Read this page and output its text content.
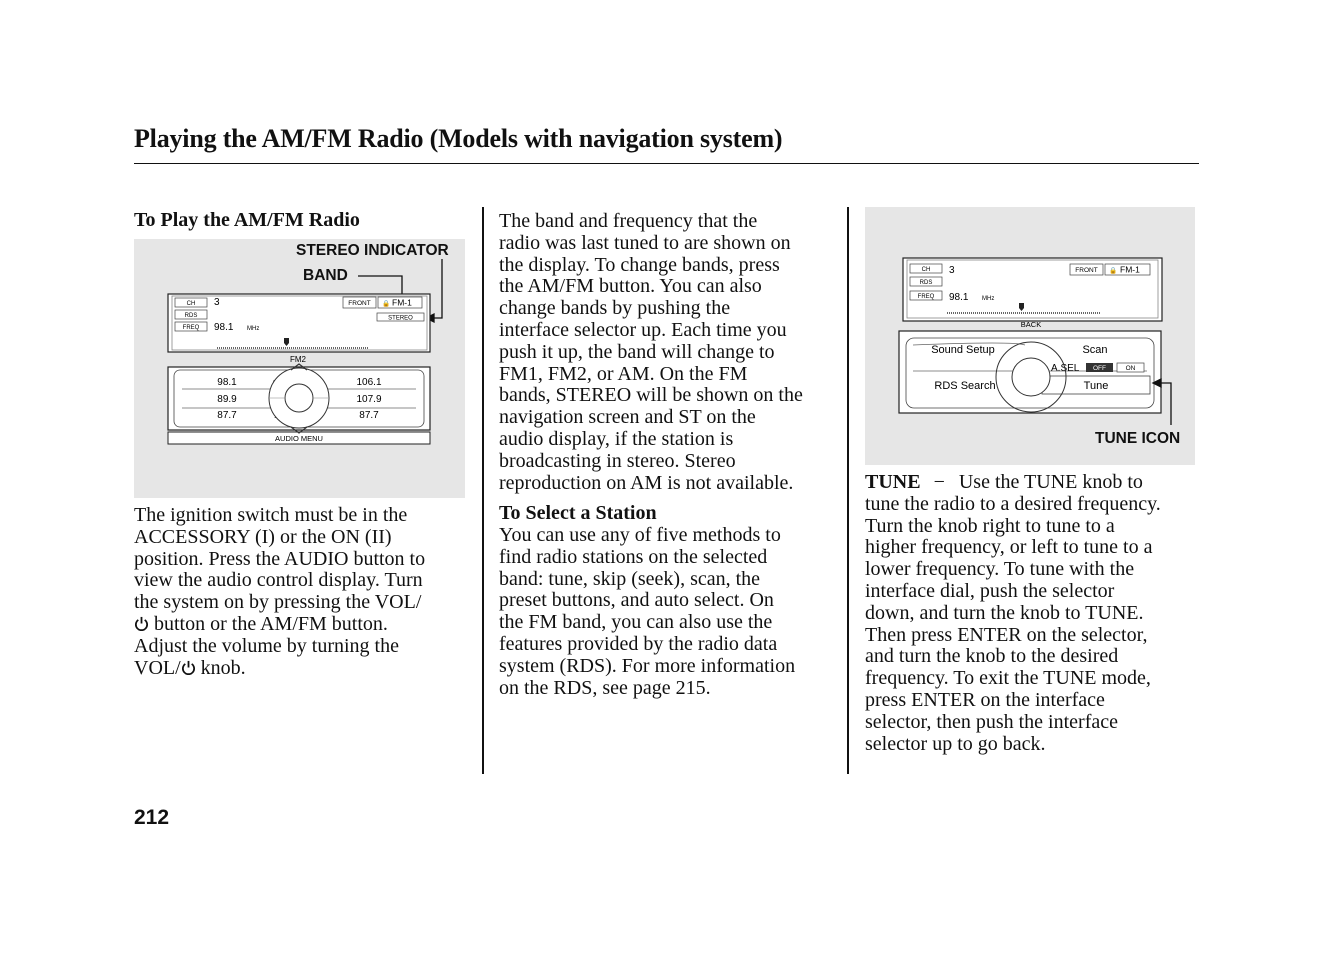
Playing the AM/FM Radio (Models with navigation system)
To Play the AM/FM Radio
STEREO INDICATOR
BAND
CH
RDS
FREQ
3
98.1 MHz
FRONT 🔒 FM-1
STEREO
FM2
AUDIO MENU
98.1
89.9
87.7
106.1
107.9
87.7
The ignition switch must be in the
ACCESSORY (I) or the ON (II)
position. Press the AUDIO button to
view the audio control display. Turn
the system on by pressing the VOL/
button or the AM/FM button.
Adjust the volume by turning the
VOL/ knob.
The band and frequency that the
radio was last tuned to are shown on
the display. To change bands, press
the AM/FM button. You can also
change bands by pushing the
interface selector up. Each time you
push it up, the band will change to
FM1, FM2, or AM. On the FM
bands, STEREO will be shown on the
navigation screen and ST on the
audio display, if the station is
broadcasting in stereo. Stereo
reproduction on AM is not available.
To Select a Station
You can use any of five methods to
find radio stations on the selected
band: tune, skip (seek), scan, the
preset buttons, and auto select. On
the FM band, you can also use the
features provided by the radio data
system (RDS). For more information
on the RDS, see page 215.
TUNE ICON
CH
RDS
FREQ
3
98.1 MHz
FRONT 🔒 FM-1
BACK
Sound Setup	Scan
RDS Search
A.SEL OFF	ON
Tune
TUNE − Use the TUNE knob to
tune the radio to a desired frequency.
Turn the knob right to tune to a
higher frequency, or left to tune to a
lower frequency. To tune with the
interface dial, push the selector
down, and turn the knob to TUNE.
Then press ENTER on the selector,
and turn the knob to the desired
frequency. To exit the TUNE mode,
press ENTER on the interface
selector, then push the interface
selector up to go back.
212
